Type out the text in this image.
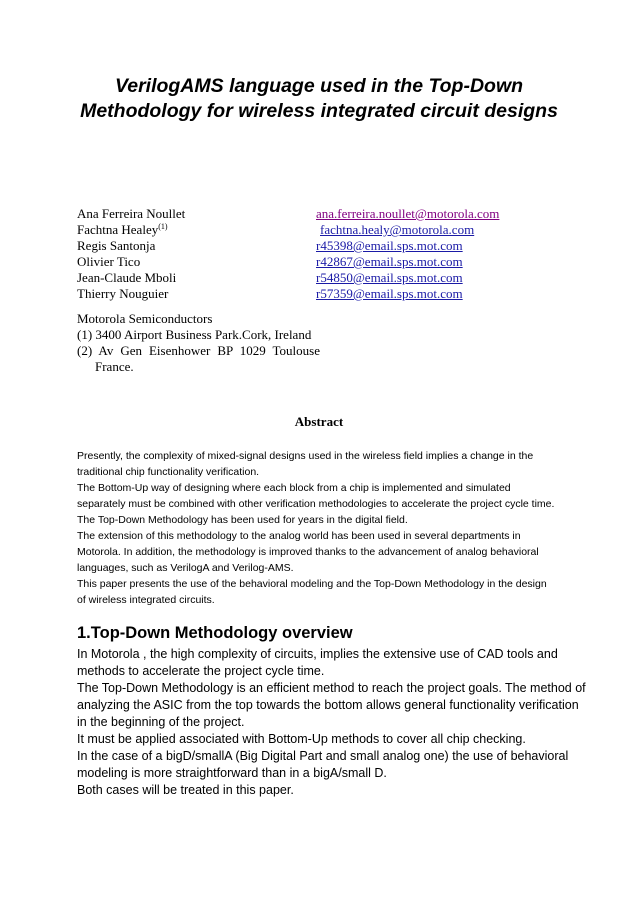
VerilogAMS language used in the Top-Down
Methodology for wireless integrated circuit designs
Ana Ferreira Noullet	ana.ferreira.noullet@motorola.com
Fachtna Healey$^{(1)}$	fachtna.healy@motorola.com
Regis Santonja	r45398@email.sps.mot.com
Olivier Tico	r42867@email.sps.mot.com
Jean-Claude Mboli	r54850@email.sps.mot.com
Thierry Nouguier	r57359@email.sps.mot.com
Motorola Semiconductors
(1) 3400 Airport Business Park.Cork, Ireland
(2) Av Gen Eisenhower BP 1029 Toulouse
France.
Abstract
Presently, the complexity of mixed-signal designs used in the wireless field implies a change in the
traditional chip functionality verification.
The Bottom-Up way of designing where each block from a chip is implemented and simulated
separately must be combined with other verification methodologies to accelerate the project cycle time.
The Top-Down Methodology has been used for years in the digital field.
The extension of this methodology to the analog world has been used in several departments in
Motorola. In addition, the methodology is improved thanks to the advancement of analog behavioral
languages, such as VerilogA and Verilog-AMS.
This paper presents the use of the behavioral modeling and the Top-Down Methodology in the design
of wireless integrated circuits.
1.Top-Down Methodology overview
In Motorola , the high complexity of circuits, implies the extensive use of CAD tools and
methods to accelerate the project cycle time.
The Top-Down Methodology is an efficient method to reach the project goals. The method of
analyzing the ASIC from the top towards the bottom allows general functionality verification
in the beginning of the project.
It must be applied associated with Bottom-Up methods to cover all chip checking.
In the case of a bigD/smallA (Big Digital Part and small analog one) the use of behavioral
modeling is more straightforward than in a bigA/small D.
Both cases will be treated in this paper.
